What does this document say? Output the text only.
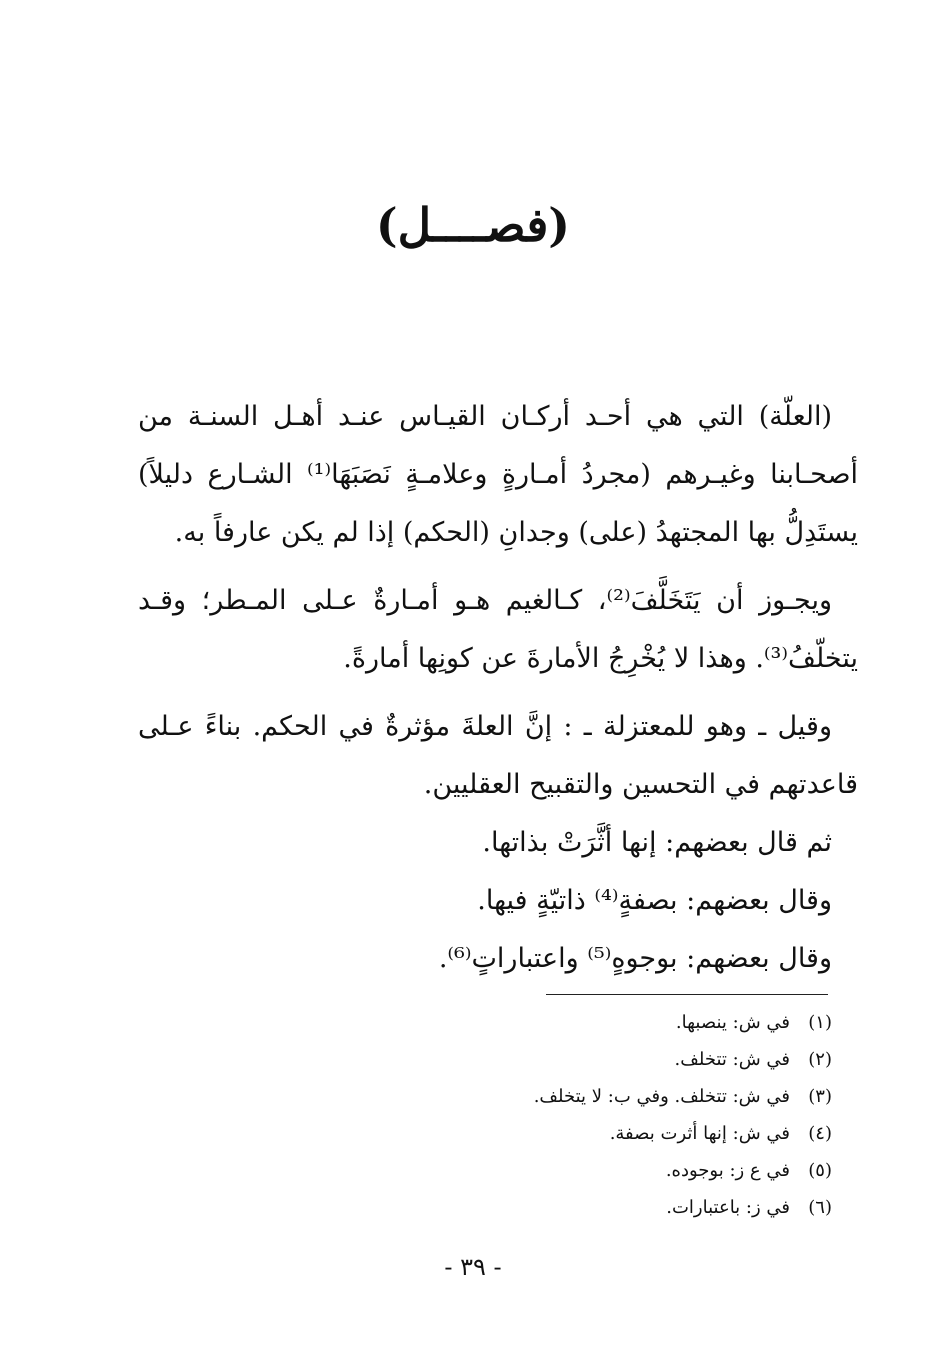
(فصــــل)

(العلّة) التي هي أحـد أركـان القيـاس عنـد أهـل السنـة من أصحـابنا وغيـرهم (مجردُ أمـارةٍ وعلامـةٍ نَصَبَهَا⁽¹⁾ الشـارع دليلاً) يستَدِلُّ بها المجتهدُ (على) وجدانِ (الحكم) إذا لم يكن عارفاً به.

ويجـوز أن يَتَخَلَّفَ⁽²⁾، كـالغيم هـو أمـارةٌ عـلى المـطر؛ وقـد يتخلّفُ⁽³⁾. وهذا لا يُخْرِجُ الأمارةَ عن كونِها أمارةً.

وقيل ـ وهو للمعتزلة ـ : إنَّ العلةَ مؤثرةٌ في الحكم. بناءً عـلى قاعدتهم في التحسين والتقبيح العقليين.

ثم قال بعضهم: إنها أثَّرَتْ بذاتها.

وقال بعضهم: بصفةٍ⁽⁴⁾ ذاتيّةٍ فيها.

وقال بعضهم: بوجوهٍ⁽⁵⁾ واعتباراتٍ⁽⁶⁾.

(١)في ش: ينصبها.
(٢)في ش: تتخلف.
(٣)في ش: تتخلف. وفي ب: لا يتخلف.
(٤)في ش: إنها أثرت بصفة.
(٥)في ع ز: بوجوده.
(٦)في ز: باعتبارات.
- ٣٩ -
